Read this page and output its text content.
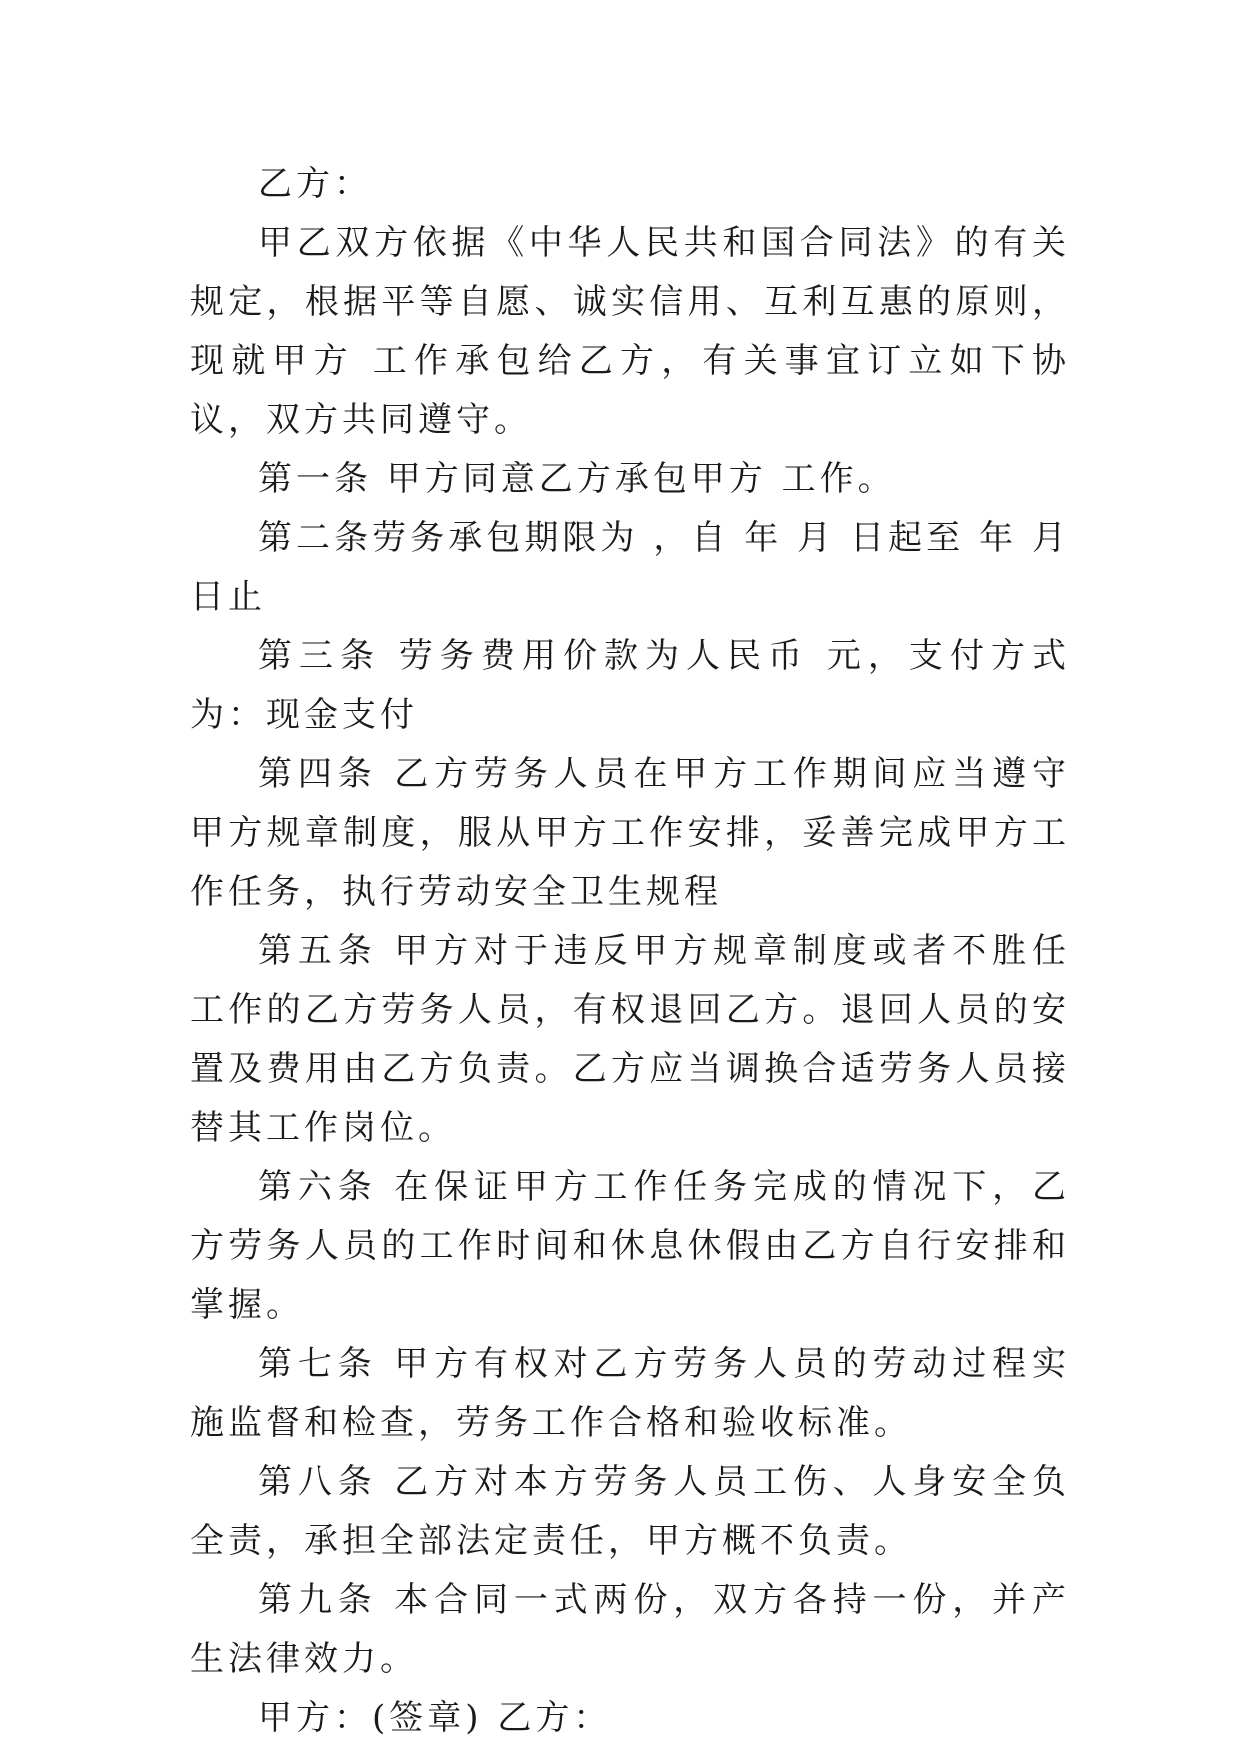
乙方：

甲乙双方依据《中华人民共和国合同法》的有关规定，根据平等自愿、诚实信用、互利互惠的原则，现就甲方 工作承包给乙方，有关事宜订立如下协议，双方共同遵守。

第一条 甲方同意乙方承包甲方 工作。

第二条劳务承包期限为 ，自 年 月 日起至 年 月 日止

第三条 劳务费用价款为人民币 元，支付方式为：现金支付

第四条 乙方劳务人员在甲方工作期间应当遵守甲方规章制度，服从甲方工作安排，妥善完成甲方工作任务，执行劳动安全卫生规程

第五条 甲方对于违反甲方规章制度或者不胜任工作的乙方劳务人员，有权退回乙方。退回人员的安置及费用由乙方负责。乙方应当调换合适劳务人员接替其工作岗位。

第六条 在保证甲方工作任务完成的情况下，乙方劳务人员的工作时间和休息休假由乙方自行安排和掌握。

第七条 甲方有权对乙方劳务人员的劳动过程实施监督和检查，劳务工作合格和验收标准。

第八条 乙方对本方劳务人员工伤、人身安全负全责，承担全部法定责任，甲方概不负责。

第九条 本合同一式两份，双方各持一份，并产生法律效力。

甲方：(签章) 乙方：
